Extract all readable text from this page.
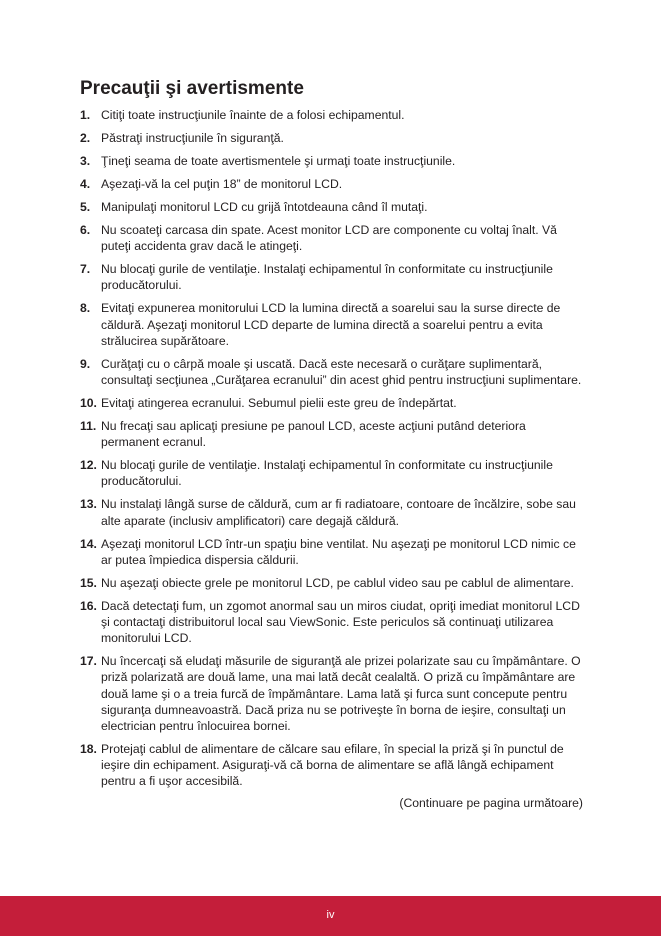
Precauţii şi avertismente
1. Citiţi toate instrucţiunile înainte de a folosi echipamentul.
2. Păstraţi instrucţiunile în siguranţă.
3. Ţineţi seama de toate avertismentele şi urmaţi toate instrucţiunile.
4. Aşezaţi-vă la cel puţin 18” de monitorul LCD.
5. Manipulaţi monitorul LCD cu grijă întotdeauna când îl mutaţi.
6. Nu scoateţi carcasa din spate. Acest monitor LCD are componente cu voltaj înalt. Vă puteţi accidenta grav dacă le atingeţi.
7. Nu blocaţi gurile de ventilaţie. Instalaţi echipamentul în conformitate cu instrucţiunile producătorului.
8. Evitaţi expunerea monitorului LCD la lumina directă a soarelui sau la surse directe de căldură. Aşezaţi monitorul LCD departe de lumina directă a soarelui pentru a evita strălucirea supărătoare.
9. Curăţaţi cu o cârpă moale şi uscată. Dacă este necesară o curăţare suplimentară, consultaţi secţiunea „Curăţarea ecranului” din acest ghid pentru instrucţiuni suplimentare.
10. Evitaţi atingerea ecranului. Sebumul pielii este greu de îndepărtat.
11. Nu frecaţi sau aplicaţi presiune pe panoul LCD, aceste acţiuni putând deteriora permanent ecranul.
12. Nu blocaţi gurile de ventilaţie. Instalaţi echipamentul în conformitate cu instrucţiunile producătorului.
13. Nu instalaţi lângă surse de căldură, cum ar fi radiatoare, contoare de încălzire, sobe sau alte aparate (inclusiv amplificatori) care degajă căldură.
14. Aşezaţi monitorul LCD într-un spaţiu bine ventilat. Nu aşezaţi pe monitorul LCD nimic ce ar putea împiedica dispersia căldurii.
15. Nu aşezaţi obiecte grele pe monitorul LCD, pe cablul video sau pe cablul de alimentare.
16. Dacă detectaţi fum, un zgomot anormal sau un miros ciudat, opriţi imediat monitorul LCD şi contactaţi distribuitorul local sau ViewSonic. Este periculos să continuaţi utilizarea monitorului LCD.
17. Nu încercaţi să eludaţi măsurile de siguranţă ale prizei polarizate sau cu împământare. O priză polarizată are două lame, una mai lată decât cealaltă. O priză cu împământare are două lame şi o a treia furcă de împământare. Lama lată şi furca sunt concepute pentru siguranţa dumneavoastră. Dacă priza nu se potriveşte în borna de ieşire, consultaţi un electrician pentru înlocuirea bornei.
18. Protejaţi cablul de alimentare de călcare sau efilare, în special la priză şi în punctul de ieşire din echipament. Asiguraţi-vă că borna de alimentare se află lângă echipament pentru a fi uşor accesibilă.
(Continuare pe pagina următoare)
iv
